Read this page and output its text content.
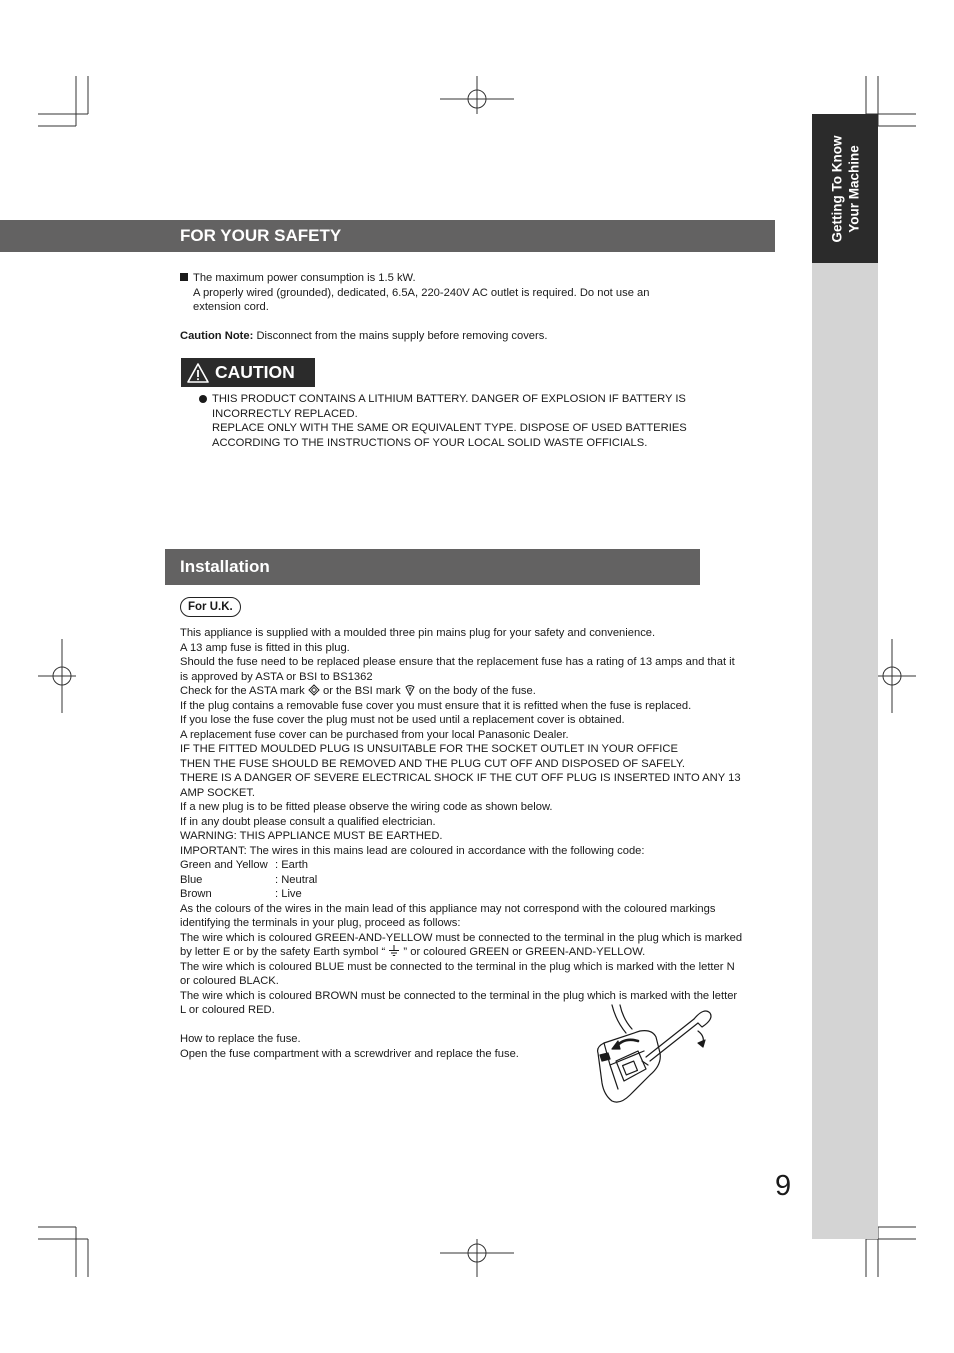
Getting To Know Your Machine
FOR YOUR SAFETY
The maximum power consumption is 1.5 kW.
A properly wired (grounded), dedicated, 6.5A, 220-240V AC outlet is required. Do not use an
extension cord.
Caution Note: Disconnect from the mains supply before removing covers.
CAUTION
THIS PRODUCT CONTAINS A LITHIUM BATTERY. DANGER OF EXPLOSION IF BATTERY IS
INCORRECTLY REPLACED.
REPLACE ONLY WITH THE SAME OR EQUIVALENT TYPE. DISPOSE OF USED BATTERIES
ACCORDING TO THE INSTRUCTIONS OF YOUR LOCAL SOLID WASTE OFFICIALS.
Installation
For U.K.
This appliance is supplied with a moulded three pin mains plug for your safety and convenience.
A 13 amp fuse is fitted in this plug.
Should the fuse need to be replaced please ensure that the replacement fuse has a rating of 13 amps and that it
is approved by ASTA or BSI to BS1362
Check for the ASTA mark  or the BSI mark  on the body of the fuse.
If the plug contains a removable fuse cover you must ensure that it is refitted when the fuse is replaced.
If you lose the fuse cover the plug must not be used until a replacement cover is obtained.
A replacement fuse cover can be purchased from your local Panasonic Dealer.
IF THE FITTED MOULDED PLUG IS UNSUITABLE FOR THE SOCKET OUTLET IN YOUR OFFICE
THEN THE FUSE SHOULD BE REMOVED AND THE PLUG CUT OFF AND DISPOSED OF SAFELY.
THERE IS A DANGER OF SEVERE ELECTRICAL SHOCK IF THE CUT OFF PLUG IS INSERTED INTO ANY 13
AMP SOCKET.
If a new plug is to be fitted please observe the wiring code as shown below.
If in any doubt please consult a qualified electrician.
WARNING: THIS APPLIANCE MUST BE EARTHED.
IMPORTANT: The wires in this mains lead are coloured in accordance with the following code:
Green and Yellow : Earth
Blue	: Neutral
Brown	: Live
As the colours of the wires in the main lead of this appliance may not correspond with the coloured markings
identifying the terminals in your plug, proceed as follows:
The wire which is coloured GREEN-AND-YELLOW must be connected to the terminal in the plug which is marked
by letter E or by the safety Earth symbol “  ” or coloured GREEN or GREEN-AND-YELLOW.
The wire which is coloured BLUE must be connected to the terminal in the plug which is marked with the letter N
or coloured BLACK.
The wire which is coloured BROWN must be connected to the terminal in the plug which is marked with the letter
L or coloured RED.
How to replace the fuse.
Open the fuse compartment with a screwdriver and replace the fuse.
9
